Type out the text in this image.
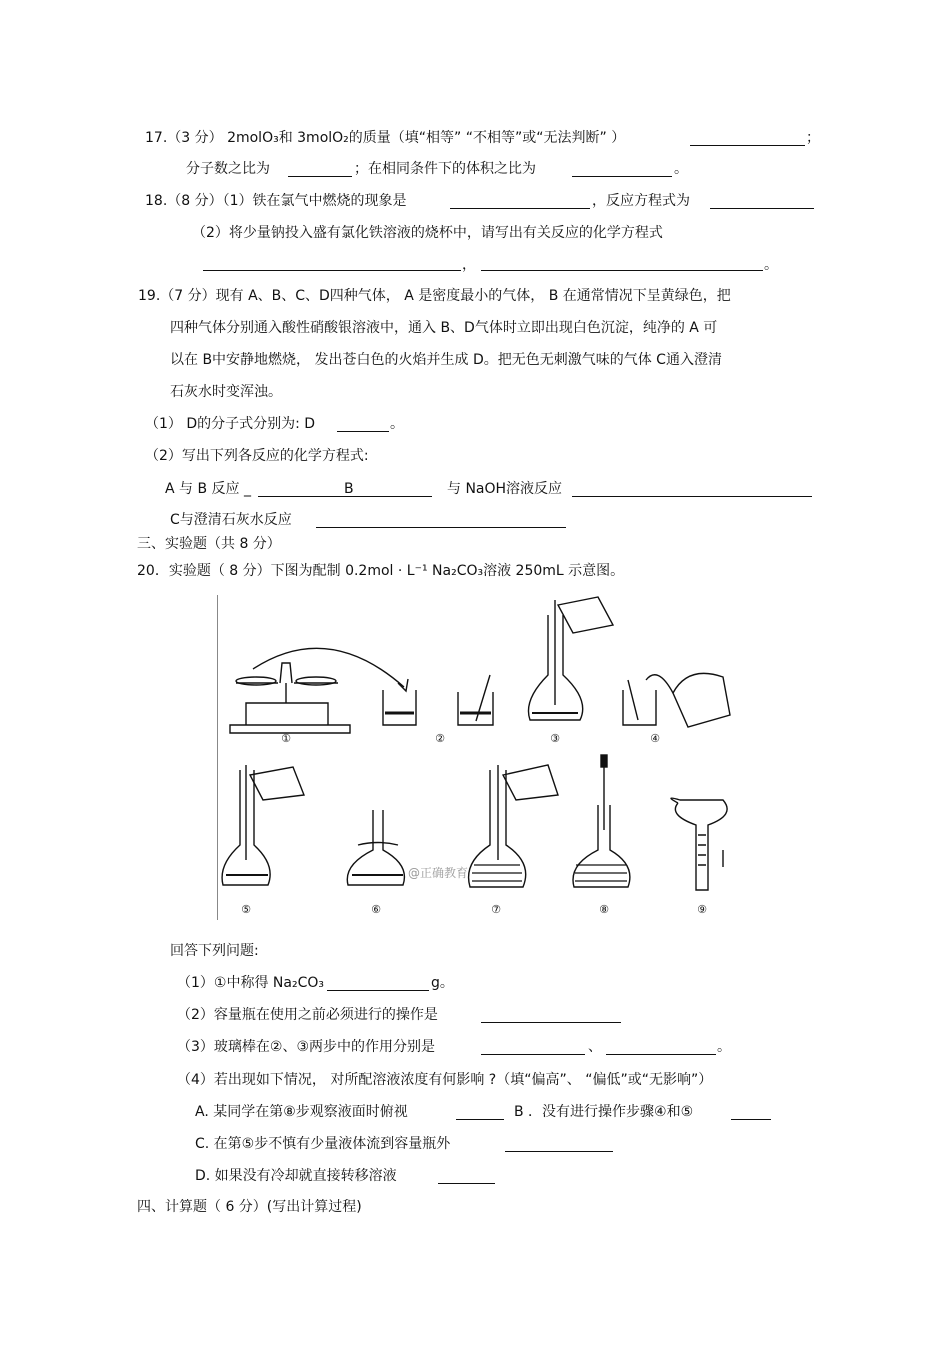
17.（3 分） 2molO₃和 3molO₂的质量（填“相等” “不相等”或“无法判断” ）	；
分子数之比为	；在相同条件下的体积之比为	。
18.（8 分）（1）铁在氯气中燃烧的现象是	，反应方程式为
（2）将少量钠投入盛有氯化铁溶液的烧杯中，请写出有关反应的化学方程式
，	。
19.（7 分）现有 A、B、C、D四种气体， A 是密度最小的气体， B 在通常情况下呈黄绿色，把
四种气体分别通入酸性硝酸银溶液中，通入 B、D气体时立即出现白色沉淀，纯净的 A 可
以在 B中安静地燃烧， 发出苍白色的火焰并生成 D。把无色无刺激气味的气体 C通入澄清
石灰水时变浑浊。
（1） D的分子式分别为: D	。
（2）写出下列各反应的化学方程式:
A 与 B 反应 _	B	与 NaOH溶液反应
C与澄清石灰水反应
三、实验题（共 8 分）
20．实验题（ 8 分）下图为配制 0.2mol · L⁻¹ Na₂CO₃溶液 250mL 示意图。
①	②	③	④
⑤	⑥	⑦	⑧	⑨
@正确教育
回答下列问题:
（1）①中称得 Na₂CO₃	g。
（2）容量瓶在使用之前必须进行的操作是
（3）玻璃棒在②、③两步中的作用分别是	、	。
（4）若出现如下情况， 对所配溶液浓度有何影响 ?（填“偏高”、 “偏低”或“无影响”）
A. 某同学在第⑧步观察液面时俯视	B ．没有进行操作步骤④和⑤
C. 在第⑤步不慎有少量液体流到容量瓶外
D. 如果没有冷却就直接转移溶液
四、计算题（ 6 分）(写出计算过程)
